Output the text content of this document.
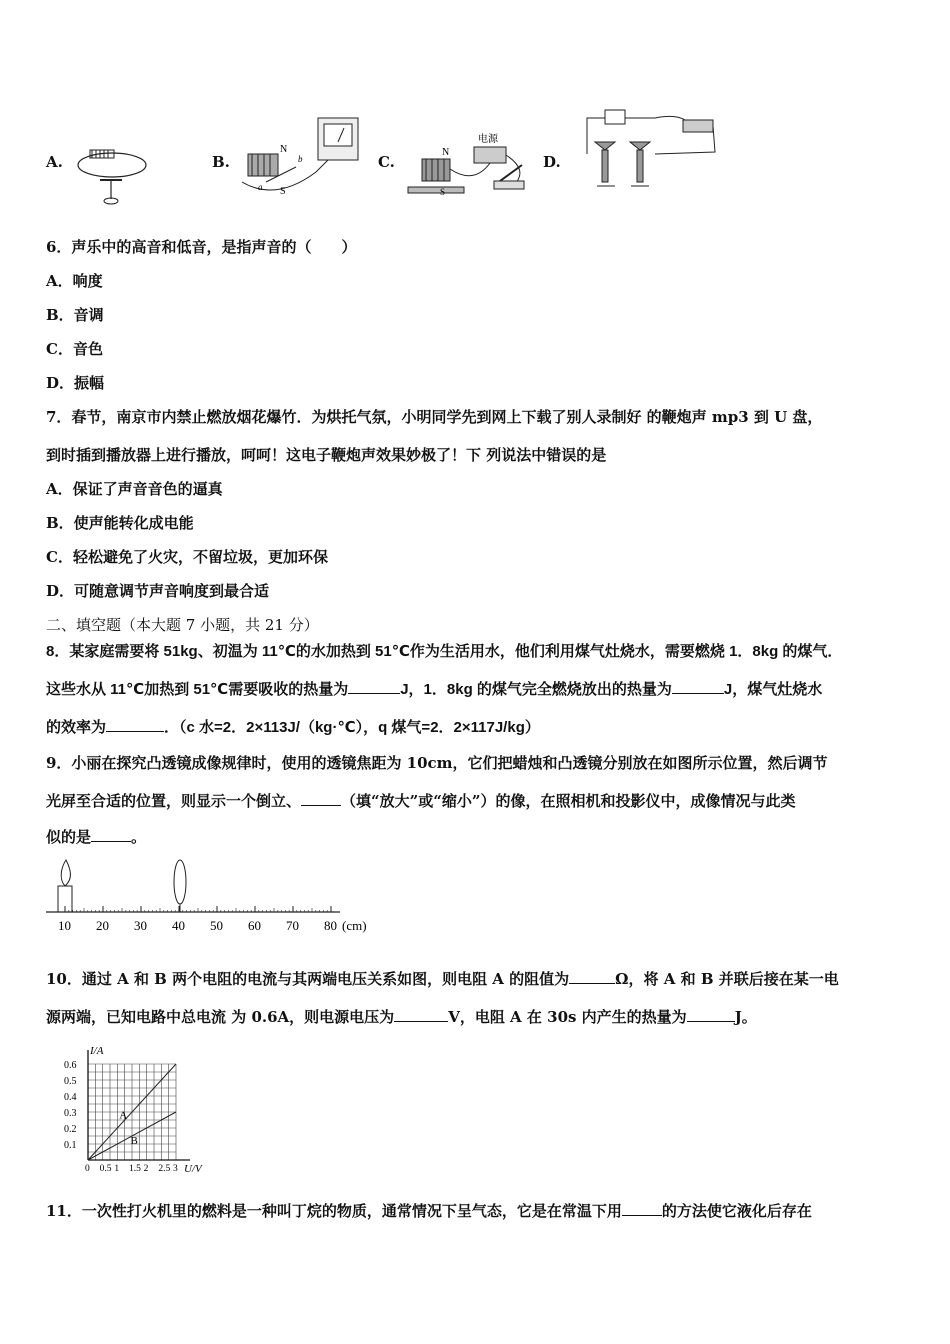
A.	B.
N
S
a
b	C.
电源
N
S
D.
6．声乐中的高音和低音，是指声音的（　　）
A．响度
B．音调
C．音色
D．振幅
7．春节，南京市内禁止燃放烟花爆竹．为烘托气氛，小明同学先到网上下载了别人录制好 的鞭炮声 mp3 到 U 盘，
到时插到播放器上进行播放，呵呵！这电子鞭炮声效果妙极了！下 列说法中错误的是
A．保证了声音音色的逼真
B．使声能转化成电能
C．轻松避免了火灾，不留垃圾，更加环保
D．可随意调节声音响度到最合适
二、填空题（本大题 7 小题，共 21 分）
8．某家庭需要将 51kg、初温为 11℃的水加热到 51℃作为生活用水，他们利用煤气灶烧水，需要燃烧 1．8kg 的煤气．
这些水从 11℃加热到 51℃需要吸收的热量为	J，1．8kg 的煤气完全燃烧放出的热量为	J，煤气灶烧水
的效率为	．（c 水=2．2×113J/（kg·℃），q 煤气=2．2×117J/kg）
9．小丽在探究凸透镜成像规律时，使用的透镜焦距为 10cm，它们把蜡烛和凸透镜分别放在如图所示位置，然后调节
光屏至合适的位置，则显示一个倒立、	（填“放大”或“缩小”）的像，在照相机和投影仪中，成像情况与此类
似的是	。
10 20 30 40 50 60 70 80 (cm)
10．通过 A 和 B 两个电阻的电流与其两端电压关系如图，则电阻 A 的阻值为	Ω，将 A 和 B 并联后接在某一电
源两端，已知电路中总电流 为 0.6A，则电源电压为	V，电阻 A 在 30s 内产生的热量为	J。
0.6
0.5
0.4
0.3
0.2
0.1
0 0.5 1 1.5 2 2.5 3
A
B
I/A
U/V
11．一次性打火机里的燃料是一种叫丁烷的物质，通常情况下呈气态，它是在常温下用	的方法使它液化后存在
